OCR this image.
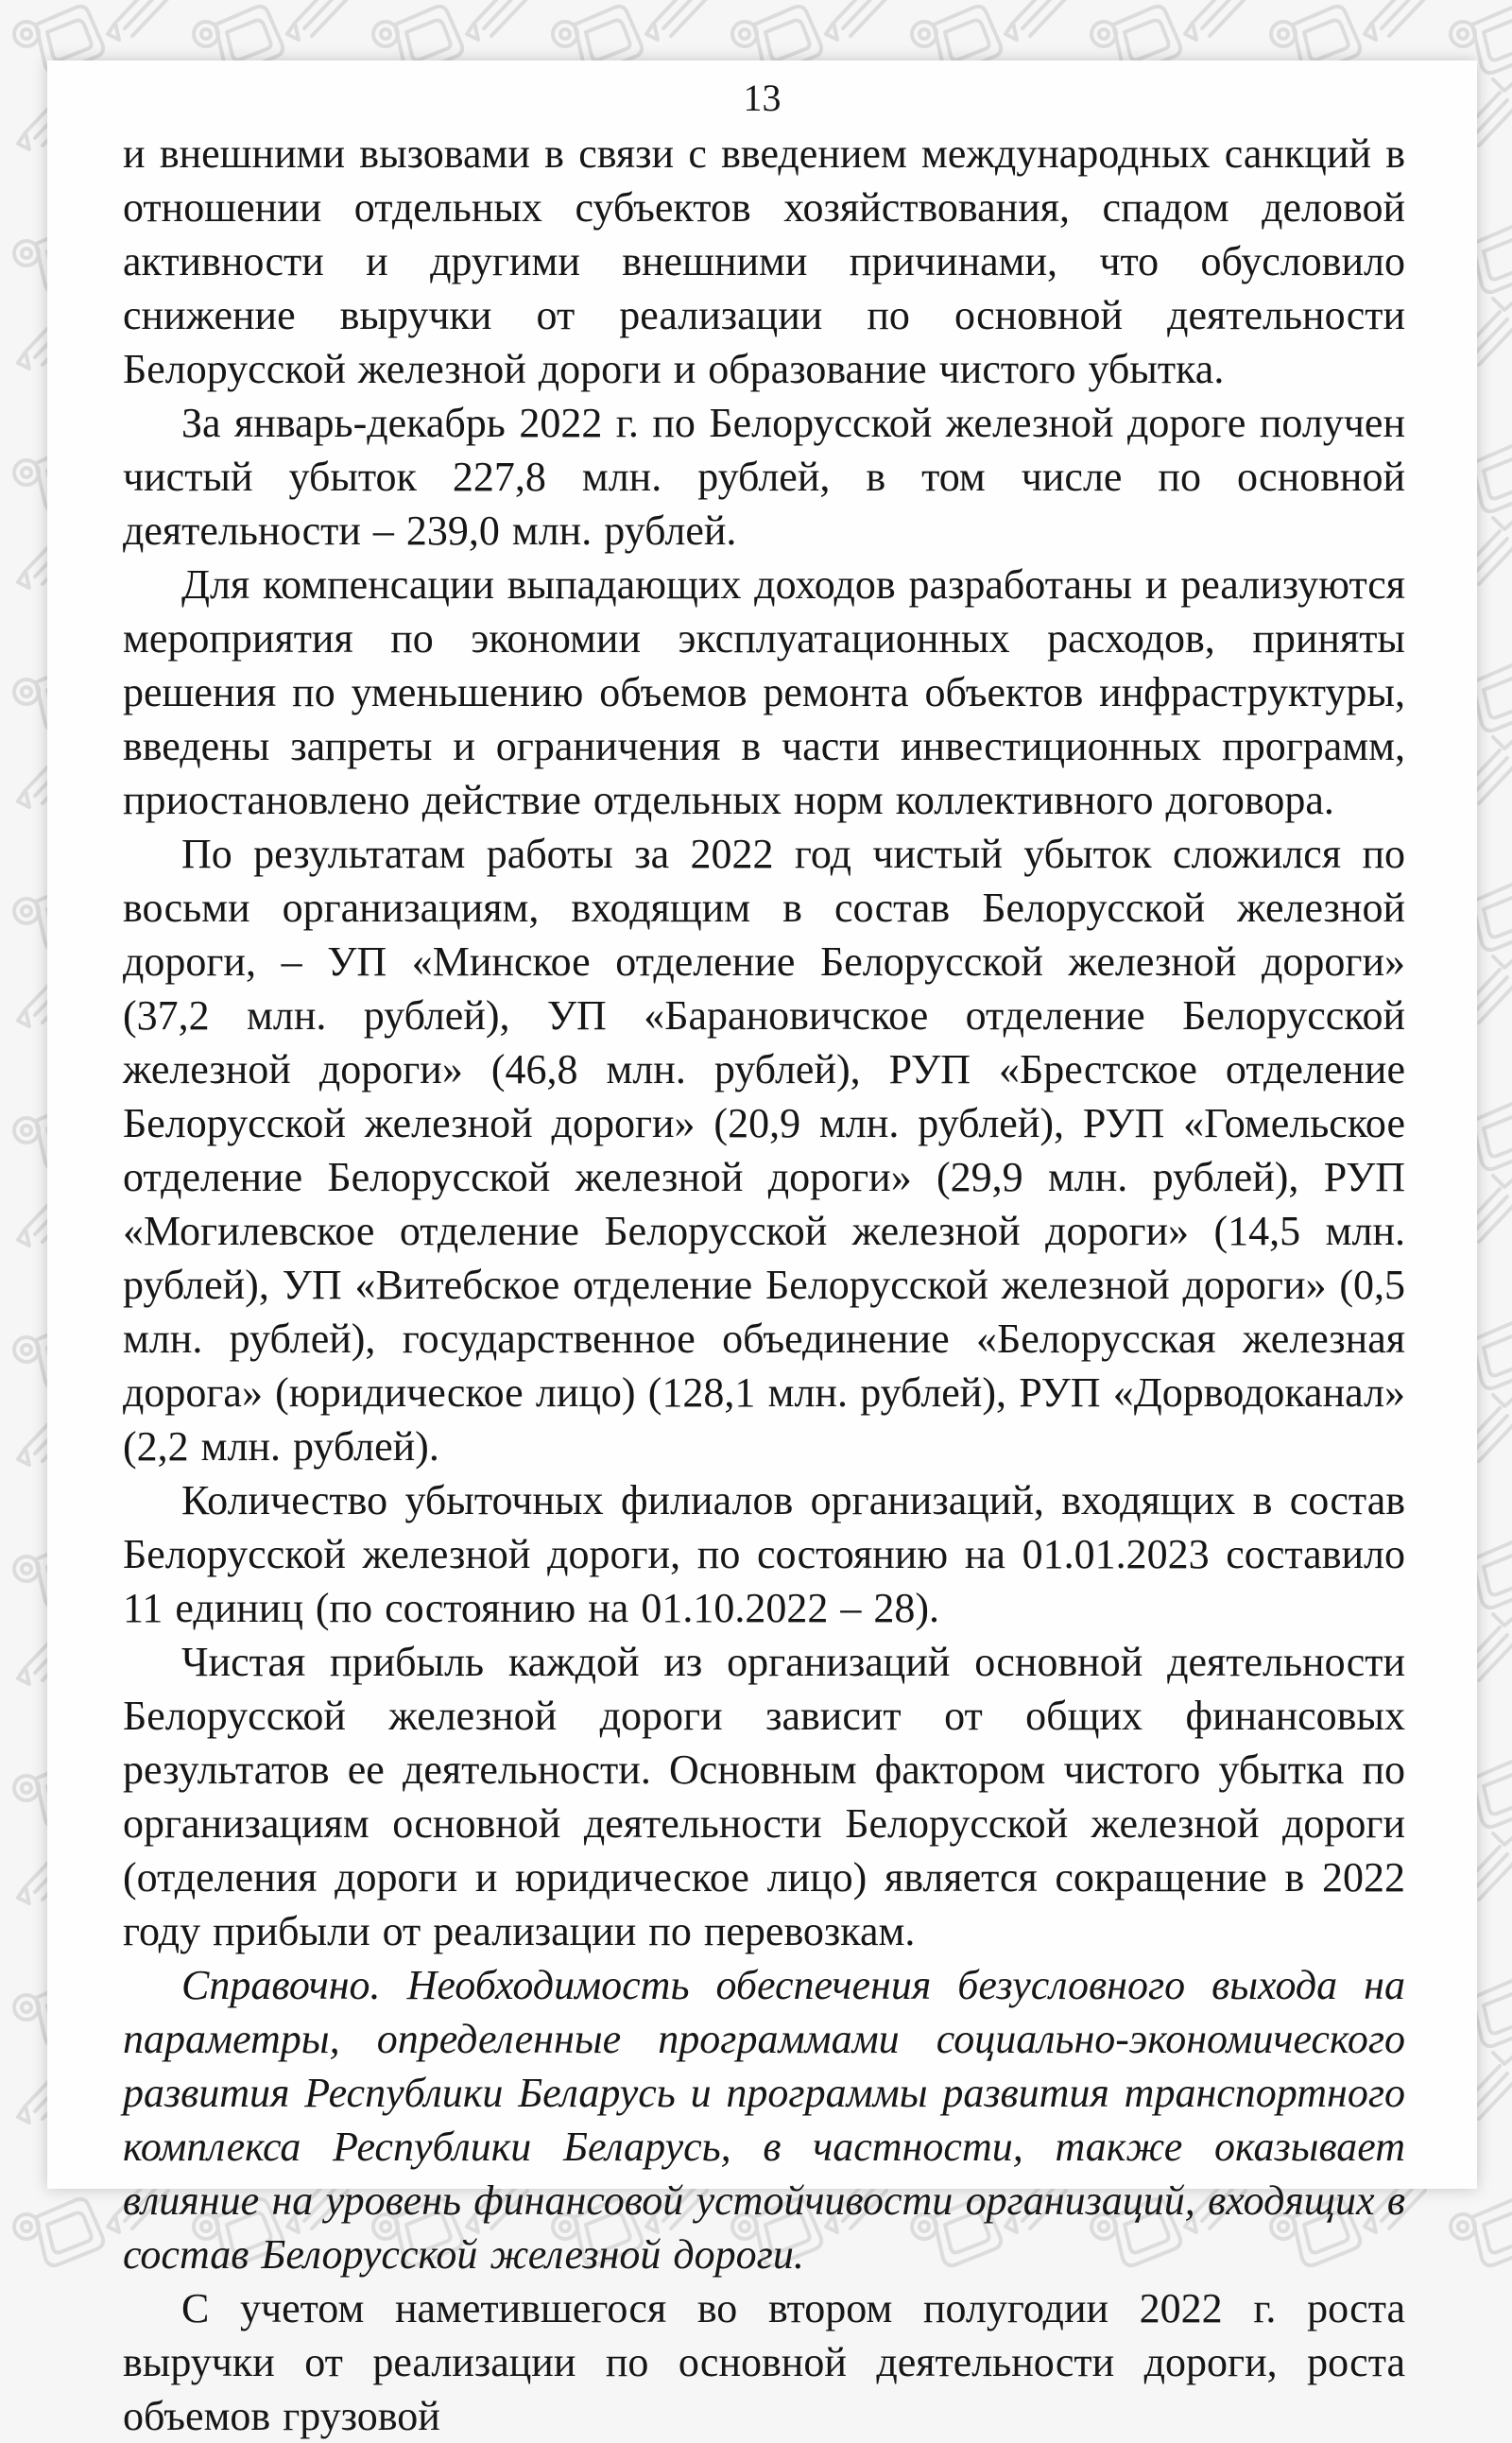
13

и внешними вызовами в связи с введением международных санкций в отношении отдельных субъектов хозяйствования, спадом деловой активности и другими внешними причинами, что обусловило снижение выручки от реализации по основной деятельности Белорусской железной дороги и образование чистого убытка.

За январь-декабрь 2022 г. по Белорусской железной дороге получен чистый убыток 227,8 млн. рублей, в том числе по основной деятельности – 239,0 млн. рублей.

Для компенсации выпадающих доходов разработаны и реализуются мероприятия по экономии эксплуатационных расходов, приняты решения по уменьшению объемов ремонта объектов инфраструктуры, введены запреты и ограничения в части инвестиционных программ, приостановлено действие отдельных норм коллективного договора.

По результатам работы за 2022 год чистый убыток сложился по восьми организациям, входящим в состав Белорусской железной дороги, – УП «Минское отделение Белорусской железной дороги» (37,2 млн. рублей), УП «Барановичское отделение Белорусской железной дороги» (46,8 млн. рублей), РУП «Брестское отделение Белорусской железной дороги» (20,9 млн. рублей), РУП «Гомельское отделение Белорусской железной дороги» (29,9 млн. рублей), РУП «Могилевское отделение Белорусской железной дороги» (14,5 млн. рублей), УП «Витебское отделение Белорусской железной дороги» (0,5 млн. рублей), государственное объединение «Белорусская железная дорога» (юридическое лицо) (128,1 млн. рублей), РУП «Дорводоканал» (2,2 млн. рублей).

Количество убыточных филиалов организаций, входящих в состав Белорусской железной дороги, по состоянию на 01.01.2023 составило 11 единиц (по состоянию на 01.10.2022 – 28).

Чистая прибыль каждой из организаций основной деятельности Белорусской железной дороги зависит от общих финансовых результатов ее деятельности. Основным фактором чистого убытка по организациям основной деятельности Белорусской железной дороги (отделения дороги и юридическое лицо) является сокращение в 2022 году прибыли от реализации по перевозкам.

Справочно. Необходимость обеспечения безусловного выхода на параметры, определенные программами социально-экономического развития Республики Беларусь и программы развития транспортного комплекса Республики Беларусь, в частности, также оказывает влияние на уровень финансовой устойчивости организаций, входящих в состав Белорусской железной дороги.

С учетом наметившегося во втором полугодии 2022 г. роста выручки от реализации по основной деятельности дороги, роста объемов грузовой
